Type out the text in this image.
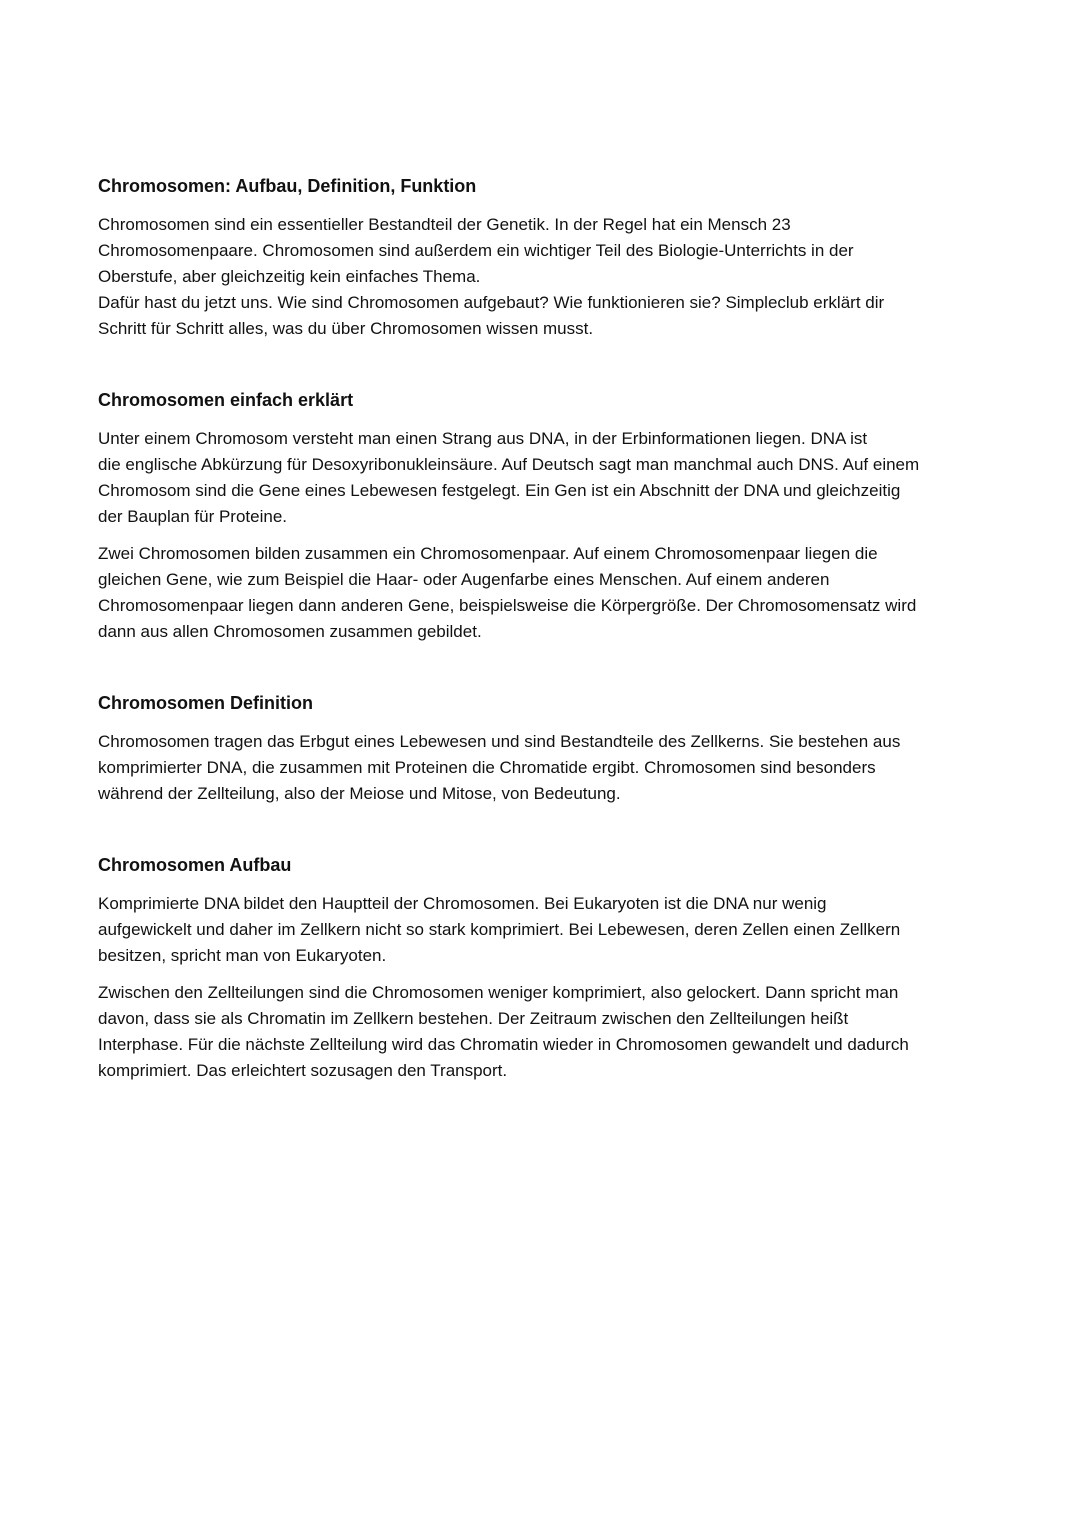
Chromosomen: Aufbau, Definition, Funktion

Chromosomen sind ein essentieller Bestandteil der Genetik. In der Regel hat ein Mensch 23
Chromosomenpaare. Chromosomen sind außerdem ein wichtiger Teil des Biologie-Unterrichts in der
Oberstufe, aber gleichzeitig kein einfaches Thema.
Dafür hast du jetzt uns. Wie sind Chromosomen aufgebaut? Wie funktionieren sie? Simpleclub erklärt dir
Schritt für Schritt alles, was du über Chromosomen wissen musst.

Chromosomen einfach erklärt

Unter einem Chromosom versteht man einen Strang aus DNA, in der Erbinformationen liegen. DNA ist
die englische Abkürzung für Desoxyribonukleinsäure. Auf Deutsch sagt man manchmal auch DNS. Auf einem
Chromosom sind die Gene eines Lebewesen festgelegt. Ein Gen ist ein Abschnitt der DNA und gleichzeitig
der Bauplan für Proteine.

Zwei Chromosomen bilden zusammen ein Chromosomenpaar. Auf einem Chromosomenpaar liegen die
gleichen Gene, wie zum Beispiel die Haar- oder Augenfarbe eines Menschen. Auf einem anderen
Chromosomenpaar liegen dann anderen Gene, beispielsweise die Körpergröße. Der Chromosomensatz wird
dann aus allen Chromosomen zusammen gebildet.

Chromosomen Definition

Chromosomen tragen das Erbgut eines Lebewesen und sind Bestandteile des Zellkerns. Sie bestehen aus
komprimierter DNA, die zusammen mit Proteinen die Chromatide ergibt. Chromosomen sind besonders
während der Zellteilung, also der Meiose und Mitose, von Bedeutung.

Chromosomen Aufbau

Komprimierte DNA bildet den Hauptteil der Chromosomen. Bei Eukaryoten ist die DNA nur wenig
aufgewickelt und daher im Zellkern nicht so stark komprimiert. Bei Lebewesen, deren Zellen einen Zellkern
besitzen, spricht man von Eukaryoten.

Zwischen den Zellteilungen sind die Chromosomen weniger komprimiert, also gelockert. Dann spricht man
davon, dass sie als Chromatin im Zellkern bestehen. Der Zeitraum zwischen den Zellteilungen heißt
Interphase. Für die nächste Zellteilung wird das Chromatin wieder in Chromosomen gewandelt und dadurch
komprimiert. Das erleichtert sozusagen den Transport.
